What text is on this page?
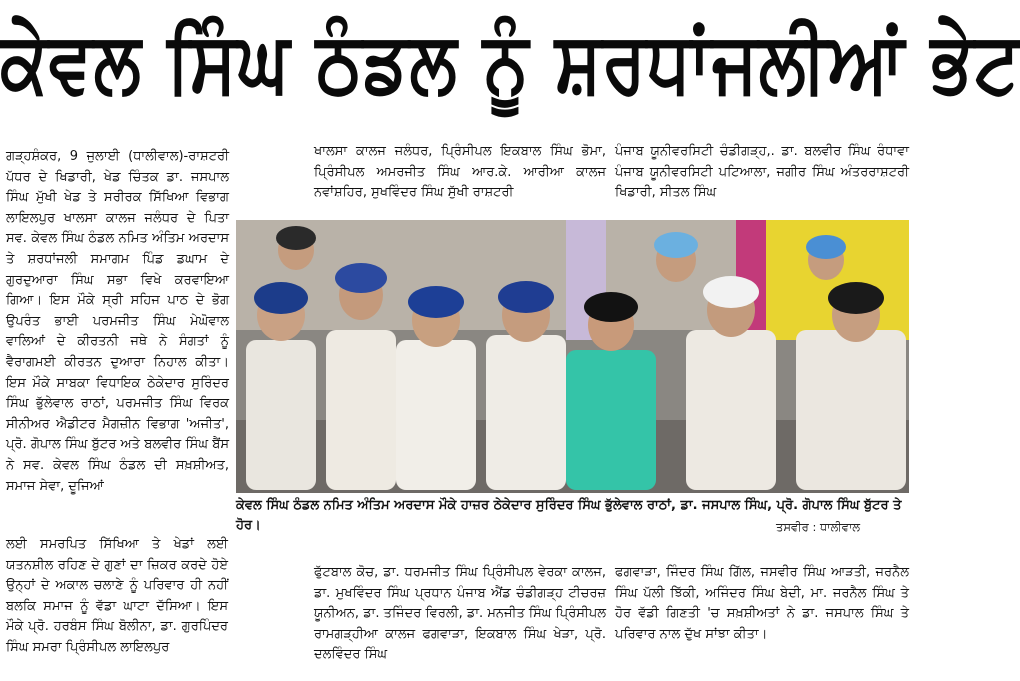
ਕੇਵਲ ਸਿੰਘ ਠੰਡਲ ਨੂੰ ਸ਼ਰਧਾਂਜਲੀਆਂ ਭੇਟ

ਗੜ੍ਹਸ਼ੰਕਰ, 9 ਜੁਲਾਈ (ਧਾਲੀਵਾਲ)-ਰਾਸ਼ਟਰੀ ਪੱਧਰ ਦੇ ਖਿਡਾਰੀ, ਖੇਡ ਚਿੰਤਕ ਡਾ. ਜਸਪਾਲ ਸਿੰਘ ਮੁੱਖੀ ਖੇਡ ਤੇ ਸਰੀਰਕ ਸਿੱਖਿਆ ਵਿਭਾਗ ਲਾਇਲਪੁਰ ਖਾਲਸਾ ਕਾਲਜ ਜਲੰਧਰ ਦੇ ਪਿਤਾ ਸਵ. ਕੇਵਲ ਸਿੰਘ ਠੰਡਲ ਨਮਿਤ ਅੰਤਿਮ ਅਰਦਾਸ ਤੇ ਸ਼ਰਧਾਂਜਲੀ ਸਮਾਗਮ ਪਿੰਡ ਡਘਾਮ ਦੇ ਗੁਰਦੁਆਰਾ ਸਿੰਘ ਸਭਾ ਵਿਖੇ ਕਰਵਾਇਆ ਗਿਆ। ਇਸ ਮੌਕੇ ਸ੍ਰੀ ਸਹਿਜ ਪਾਠ ਦੇ ਭੋਗ ਉਪਰੰਤ ਭਾਈ ਪਰਮਜੀਤ ਸਿੰਘ ਮੇਘੋਵਾਲ ਵਾਲਿਆਂ ਦੇ ਕੀਰਤਨੀ ਜਥੇ ਨੇ ਸੰਗਤਾਂ ਨੂੰ ਵੈਰਾਗਮਈ ਕੀਰਤਨ ਦੁਆਰਾ ਨਿਹਾਲ ਕੀਤਾ। ਇਸ ਮੌਕੇ ਸਾਬਕਾ ਵਿਧਾਇਕ ਠੇਕੇਦਾਰ ਸੁਰਿੰਦਰ ਸਿੰਘ ਭੁੱਲੇਵਾਲ ਰਾਠਾਂ, ਪਰਮਜੀਤ ਸਿੰਘ ਵਿਰਕ ਸੀਨੀਅਰ ਐਡੀਟਰ ਮੈਗਜ਼ੀਨ ਵਿਭਾਗ 'ਅਜੀਤ', ਪ੍ਰੋ. ਗੋਪਾਲ ਸਿੰਘ ਬੁੱਟਰ ਅਤੇ ਬਲਵੀਰ ਸਿੰਘ ਬੈਂਸ ਨੇ ਸਵ. ਕੇਵਲ ਸਿੰਘ ਠੰਡਲ ਦੀ ਸਖ਼ਸ਼ੀਅਤ, ਸਮਾਜ ਸੇਵਾ, ਦੂਜਿਆਂ

ਲਈ ਸਮਰਪਿਤ ਸਿੱਖਿਆ ਤੇ ਖੇਡਾਂ ਲਈ ਯਤਨਸ਼ੀਲ ਰਹਿਣ ਦੇ ਗੁਣਾਂ ਦਾ ਜ਼ਿਕਰ ਕਰਦੇ ਹੋਏ ਉਨ੍ਹਾਂ ਦੇ ਅਕਾਲ ਚਲਾਣੇ ਨੂੰ ਪਰਿਵਾਰ ਹੀ ਨਹੀਂ ਬਲਕਿ ਸਮਾਜ ਨੂੰ ਵੱਡਾ ਘਾਟਾ ਦੱਸਿਆ। ਇਸ ਮੌਕੇ ਪ੍ਰੋ. ਹਰਬੰਸ ਸਿੰਘ ਬੋਲੀਨਾ, ਡਾ. ਗੁਰਪਿੰਦਰ ਸਿੰਘ ਸਮਰਾ ਪ੍ਰਿੰਸੀਪਲ ਲਾਇਲਪੁਰ

ਖਾਲਸਾ ਕਾਲਜ ਜਲੰਧਰ, ਪ੍ਰਿੰਸੀਪਲ ਇਕਬਾਲ ਸਿੰਘ ਭੋਮਾ, ਪ੍ਰਿੰਸੀਪਲ ਅਮਰਜੀਤ ਸਿੰਘ ਆਰ.ਕੇ. ਆਰੀਆ ਕਾਲਜ ਨਵਾਂਸ਼ਹਿਰ, ਸੁਖਵਿੰਦਰ ਸਿੰਘ ਸੁੱਖੀ ਰਾਸ਼ਟਰੀ

ਪੰਜਾਬ ਯੂਨੀਵਰਸਿਟੀ ਚੰਡੀਗੜ੍ਹ,. ਡਾ. ਬਲਵੀਰ ਸਿੰਘ ਰੰਧਾਵਾ ਪੰਜਾਬ ਯੂਨੀਵਰਸਿਟੀ ਪਟਿਆਲਾ, ਜਗੀਰ ਸਿੰਘ ਅੰਤਰਰਾਸ਼ਟਰੀ ਖਿਡਾਰੀ, ਸੀਤਲ ਸਿੰਘ

ਕੇਵਲ ਸਿੰਘ ਠੰਡਲ ਨਮਿਤ ਅੰਤਿਮ ਅਰਦਾਸ ਮੌਕੇ ਹਾਜ਼ਰ ਠੇਕੇਦਾਰ ਸੁਰਿੰਦਰ ਸਿੰਘ ਭੁੱਲੇਵਾਲ ਰਾਠਾਂ, ਡਾ. ਜਸਪਾਲ ਸਿੰਘ, ਪ੍ਰੋ. ਗੋਪਾਲ ਸਿੰਘ ਬੁੱਟਰ ਤੇ ਹੋਰ।	ਤਸਵੀਰ : ਧਾਲੀਵਾਲ

ਫੁੱਟਬਾਲ ਕੋਚ, ਡਾ. ਧਰਮਜੀਤ ਸਿੰਘ ਪ੍ਰਿੰਸੀਪਲ ਵੇਰਕਾ ਕਾਲਜ, ਡਾ. ਮੁਖਵਿੰਦਰ ਸਿੰਘ ਪ੍ਰਧਾਨ ਪੰਜਾਬ ਐਂਡ ਚੰਡੀਗੜ੍ਹ ਟੀਚਰਜ਼ ਯੂਨੀਅਨ, ਡਾ. ਤਜਿੰਦਰ ਵਿਰਲੀ, ਡਾ. ਮਨਜੀਤ ਸਿੰਘ ਪ੍ਰਿੰਸੀਪਲ ਰਾਮਗੜ੍ਹੀਆ ਕਾਲਜ ਫਗਵਾੜਾ, ਇਕਬਾਲ ਸਿੰਘ ਖੇੜਾ, ਪ੍ਰੋ. ਦਲਵਿੰਦਰ ਸਿੰਘ

ਫਗਵਾੜਾ, ਜਿੰਦਰ ਸਿੰਘ ਗਿੱਲ, ਜਸਵੀਰ ਸਿੰਘ ਆੜਤੀ, ਜਰਨੈਲ ਸਿੰਘ ਪੱਲੀ ਝਿੱਕੀ, ਅਜਿੰਦਰ ਸਿੰਘ ਬੇਦੀ, ਮਾ. ਜਰਨੈਲ ਸਿੰਘ ਤੇ ਹੋਰ ਵੱਡੀ ਗਿਣਤੀ 'ਚ ਸਖ਼ਸ਼ੀਅਤਾਂ ਨੇ ਡਾ. ਜਸਪਾਲ ਸਿੰਘ ਤੇ ਪਰਿਵਾਰ ਨਾਲ ਦੁੱਖ ਸਾਂਝਾ ਕੀਤਾ।
